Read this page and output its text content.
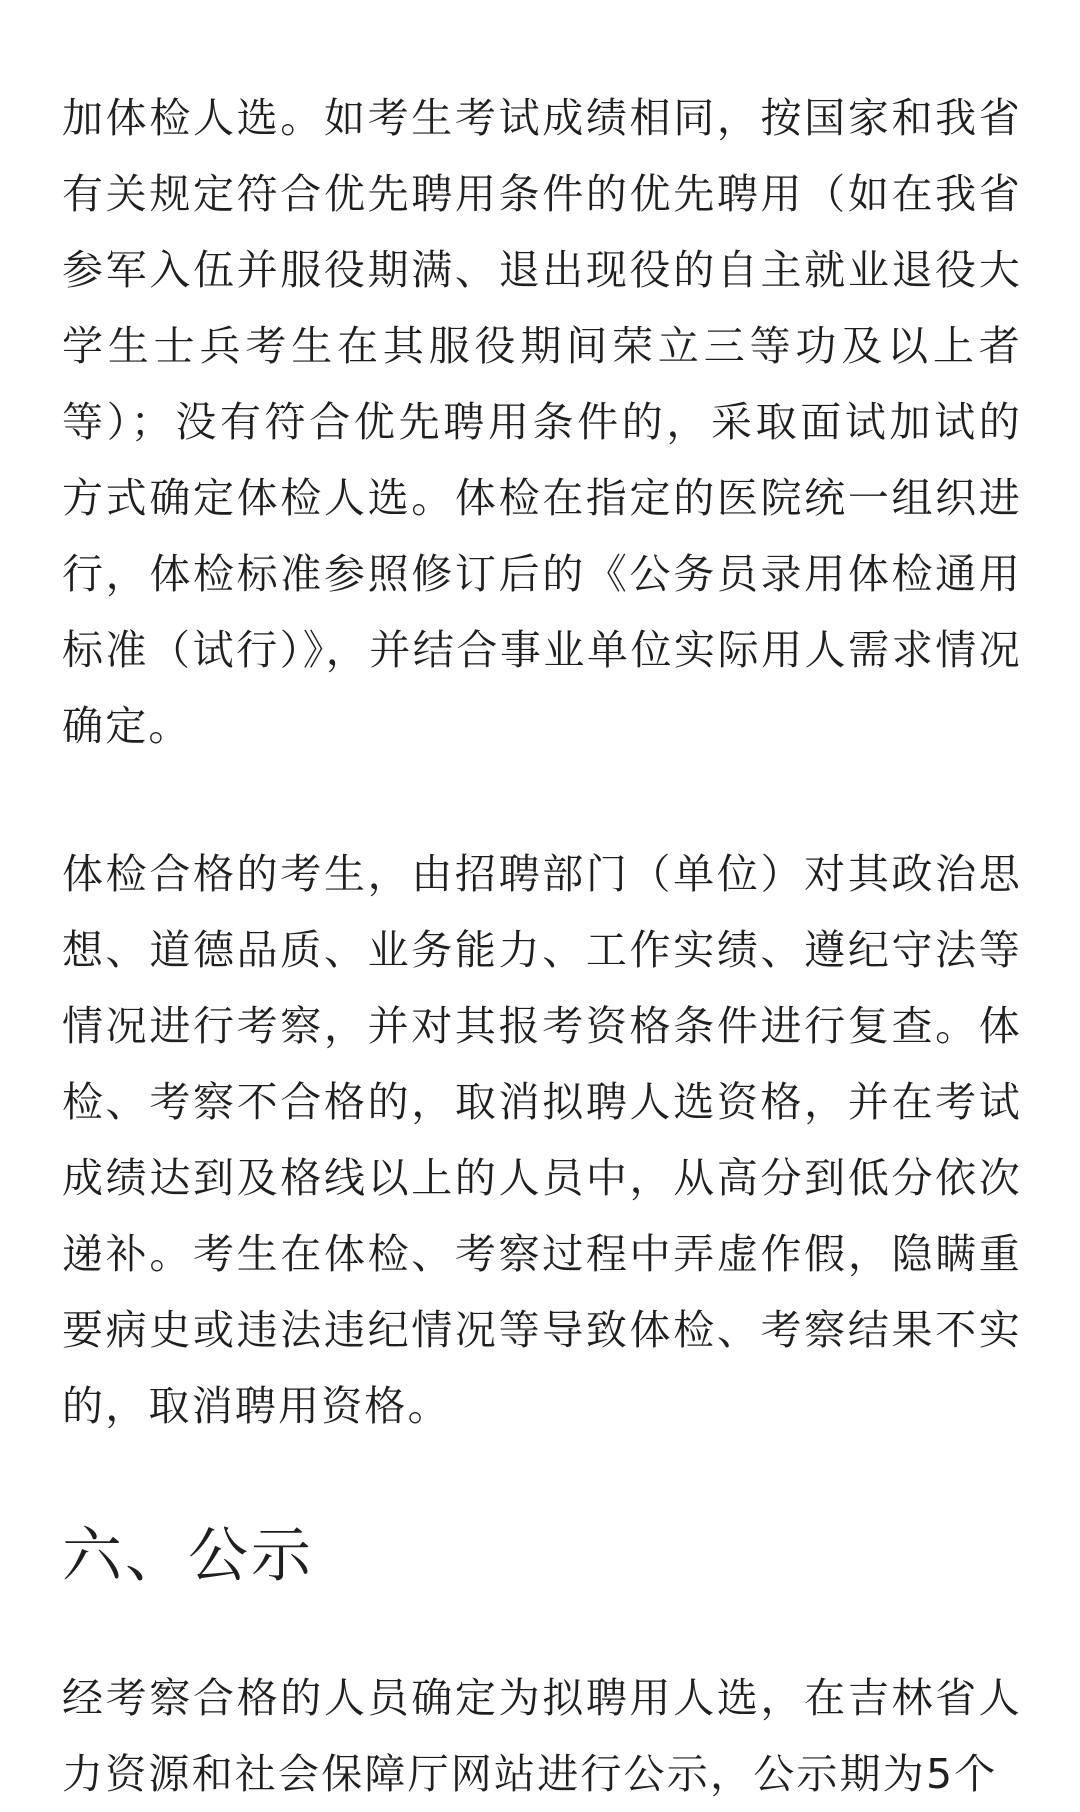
加体检人选。如考生考试成绩相同，按国家和我省有关规定符合优先聘用条件的优先聘用（如在我省参军入伍并服役期满、退出现役的自主就业退役大学生士兵考生在其服役期间荣立三等功及以上者等）；没有符合优先聘用条件的，采取面试加试的方式确定体检人选。体检在指定的医院统一组织进行，体检标准参照修订后的《公务员录用体检通用标准（试行）》，并结合事业单位实际用人需求情况确定。

体检合格的考生，由招聘部门（单位）对其政治思想、道德品质、业务能力、工作实绩、遵纪守法等情况进行考察，并对其报考资格条件进行复查。体检、考察不合格的，取消拟聘人选资格，并在考试成绩达到及格线以上的人员中，从高分到低分依次递补。考生在体检、考察过程中弄虚作假，隐瞒重要病史或违法违纪情况等导致体检、考察结果不实的，取消聘用资格。

六、公示

经考察合格的人员确定为拟聘用人选，在吉林省人力资源和社会保障厅网站进行公示，公示期为5个
